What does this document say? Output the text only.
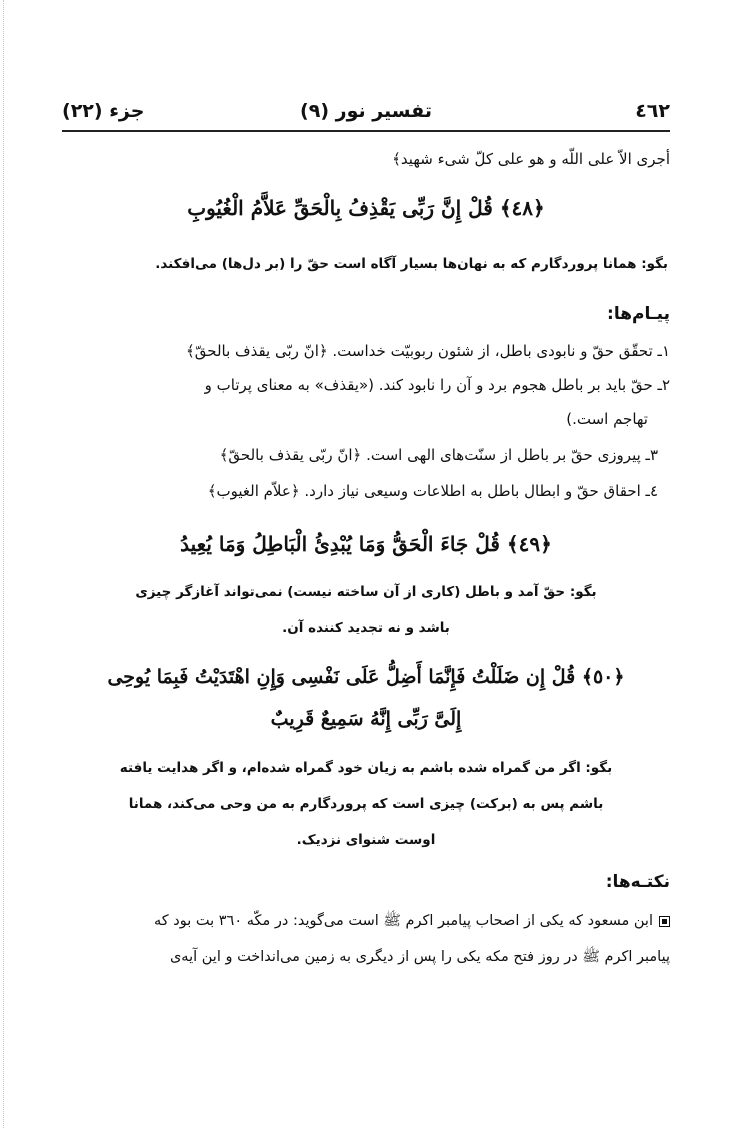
٤٦٢
تفسیر نور (٩)
جزء (٢٢)
أجری الاّ علی اللّه و هو علی کلّ شیء شهید﴾
﴿٤٨﴾ قُلْ إِنَّ رَبِّی یَقْذِفُ بِالْحَقِّ عَلاَّمُ الْغُیُوبِ
بگو: همانا پروردگارم که به نهان‌ها بسیار آگاه است حقّ را (بر دل‌ها) می‌افکند.
پیـام‌ها:
١ـ تحقّق حقّ و نابودی باطل، از شئون ربوبیّت خداست. ﴿انّ ربّی یقذف بالحقّ﴾
٢ـ حقّ باید بر باطل هجوم برد و آن را نابود کند. («یقذف» به معنای پرتاب و
تهاجم است.)
٣ـ پیروزی حقّ بر باطل از سنّت‌های الهی است. ﴿انّ ربّی یقذف بالحقّ﴾
٤ـ احقاق حقّ و ابطال باطل به اطلاعات وسیعی نیاز دارد. ﴿علاّم الغیوب﴾
﴿٤٩﴾ قُلْ جَاءَ الْحَقُّ وَمَا یُبْدِئُ الْبَاطِلُ وَمَا یُعِیدُ
بگو: حقّ آمد و باطل (کاری از آن ساخته نیست) نمی‌تواند آغازگر چیزی
باشد و نه تجدید کننده آن.
﴿٥٠﴾ قُلْ إِن ضَلَلْتُ فَإِنَّمَا أَضِلُّ عَلَی نَفْسِی وَإِنِ اهْتَدَیْتُ فَبِمَا یُوحِی
إِلَیَّ رَبِّی إِنَّهُ سَمِیعٌ قَرِیبٌ
بگو: اگر من گمراه شده باشم به زیان خود گمراه شده‌ام، و اگر هدایت یافته
باشم پس به (برکت) چیزی است که پروردگارم به من وحی می‌کند، همانا
اوست شنوای نزدیک.
نکتـه‌ها:
ابن مسعود که یکی از اصحاب پیامبر اکرم ﷺ است می‌گوید: در مکّه ٣٦٠ بت بود که
پیامبر اکرم ﷺ در روز فتح مکه یکی را پس از دیگری به زمین می‌انداخت و این آیه‌ی
